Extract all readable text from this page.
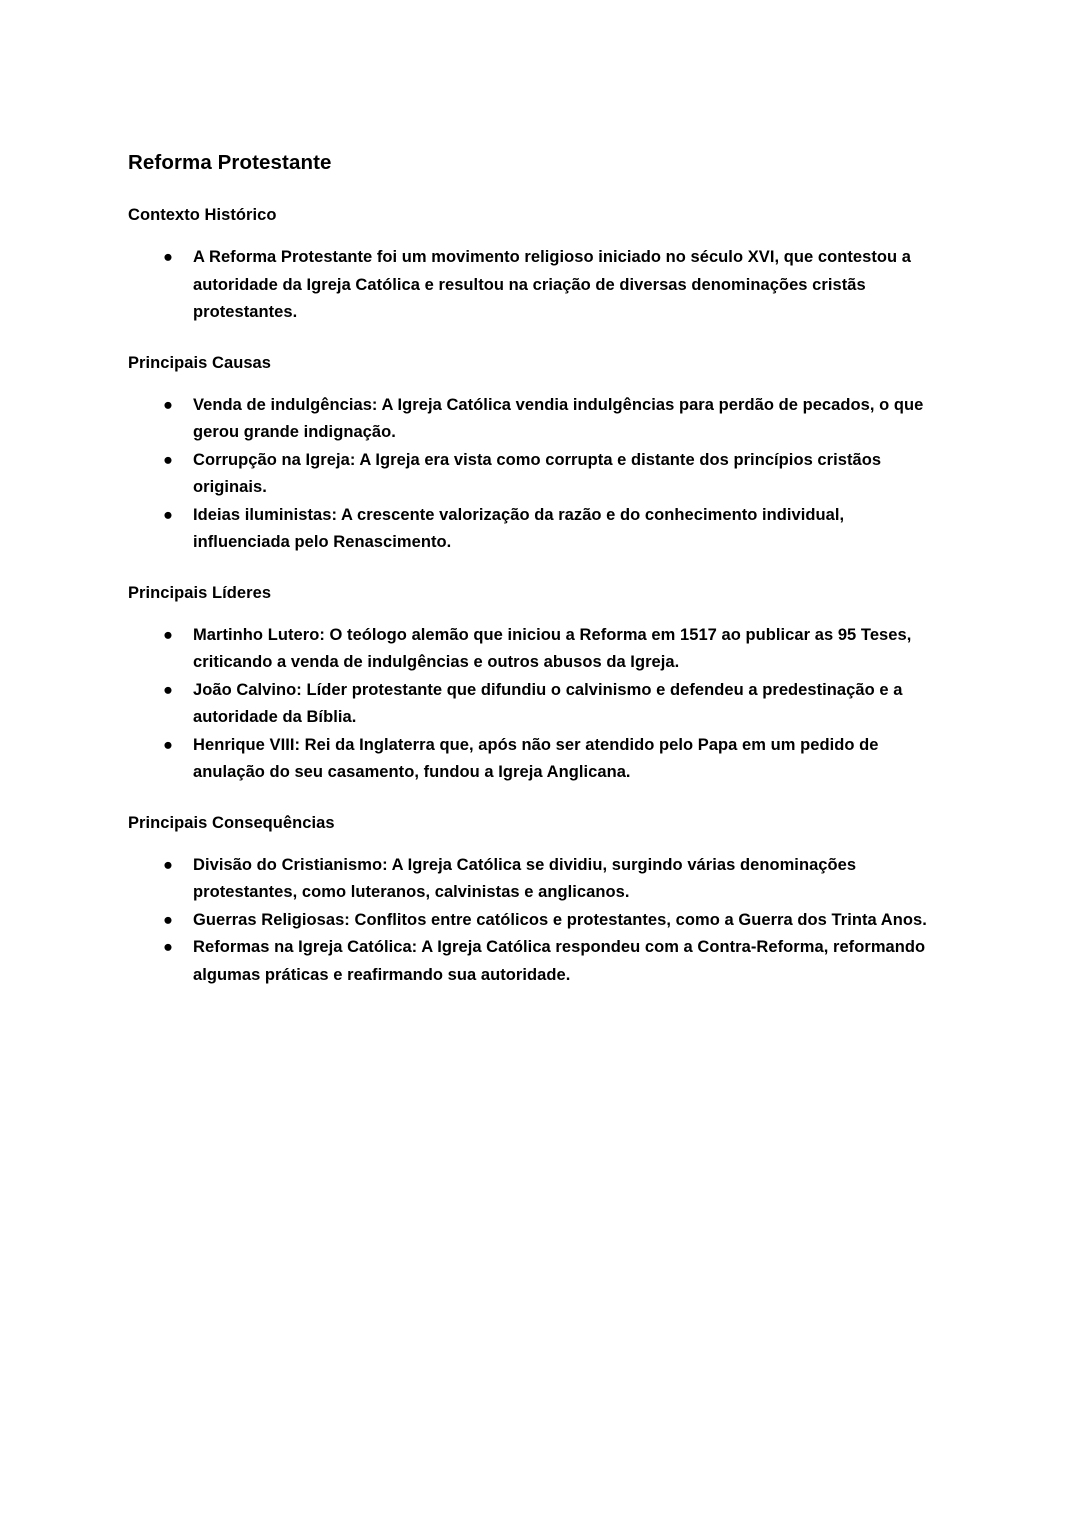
Reforma Protestante
Contexto Histórico
● A Reforma Protestante foi um movimento religioso iniciado no século XVI, que contestou a autoridade da Igreja Católica e resultou na criação de diversas denominações cristãs protestantes.
Principais Causas
● Venda de indulgências: A Igreja Católica vendia indulgências para perdão de pecados, o que gerou grande indignação.
● Corrupção na Igreja: A Igreja era vista como corrupta e distante dos princípios cristãos originais.
● Ideias iluministas: A crescente valorização da razão e do conhecimento individual, influenciada pelo Renascimento.
Principais Líderes
● Martinho Lutero: O teólogo alemão que iniciou a Reforma em 1517 ao publicar as 95 Teses, criticando a venda de indulgências e outros abusos da Igreja.
● João Calvino: Líder protestante que difundiu o calvinismo e defendeu a predestinação e a autoridade da Bíblia.
● Henrique VIII: Rei da Inglaterra que, após não ser atendido pelo Papa em um pedido de anulação do seu casamento, fundou a Igreja Anglicana.
Principais Consequências
● Divisão do Cristianismo: A Igreja Católica se dividiu, surgindo várias denominações protestantes, como luteranos, calvinistas e anglicanos.
● Guerras Religiosas: Conflitos entre católicos e protestantes, como a Guerra dos Trinta Anos.
● Reformas na Igreja Católica: A Igreja Católica respondeu com a Contra-Reforma, reformando algumas práticas e reafirmando sua autoridade.
